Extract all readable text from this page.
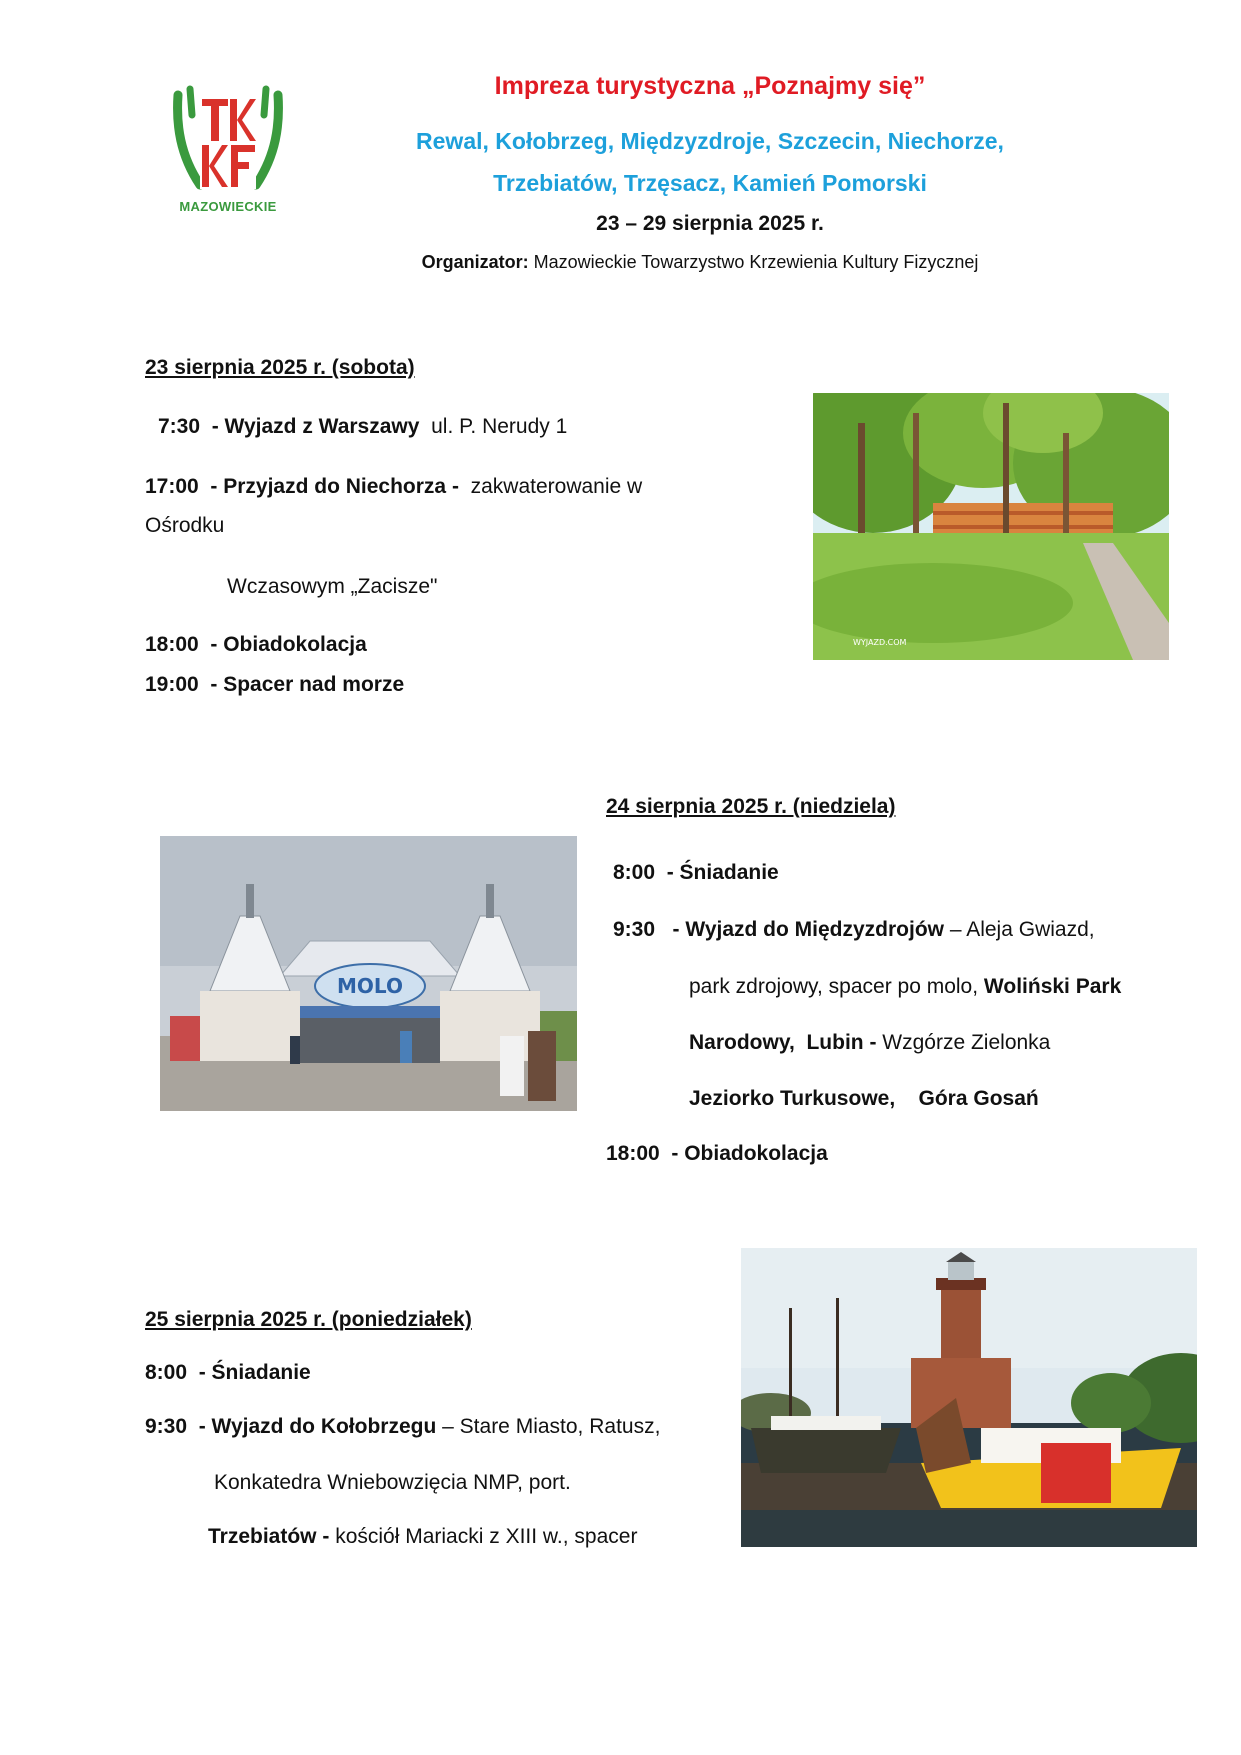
MAZOWIECKIE
Impreza turystyczna „Poznajmy się”
Rewal, Kołobrzeg, Międzyzdroje, Szczecin, Niechorze,
Trzebiatów, Trzęsacz, Kamień Pomorski
23 – 29 sierpnia 2025 r.
Organizator: Mazowieckie Towarzystwo Krzewienia Kultury Fizycznej
23 sierpnia 2025 r. (sobota)
7:30 - Wyjazd z Warszawy ul. P. Nerudy 1
17:00 - Przyjazd do Niechorza - zakwaterowanie w
Ośrodku
Wczasowym „Zacisze"
18:00 - Obiadokolacja
19:00 - Spacer nad morze
WYJAZD.COM
24 sierpnia 2025 r. (niedziela)
8:00 - Śniadanie
9:30 - Wyjazd do Międzyzdrojów – Aleja Gwiazd,
park zdrojowy, spacer po molo, Woliński Park
Narodowy, Lubin - Wzgórze Zielonka
Jeziorko Turkusowe, Góra Gosań
18:00 - Obiadokolacja
MOLO
25 sierpnia 2025 r. (poniedziałek)
8:00 - Śniadanie
9:30 - Wyjazd do Kołobrzegu – Stare Miasto, Ratusz,
Konkatedra Wniebowzięcia NMP, port.
Trzebiatów - kościół Mariacki z XIII w., spacer
